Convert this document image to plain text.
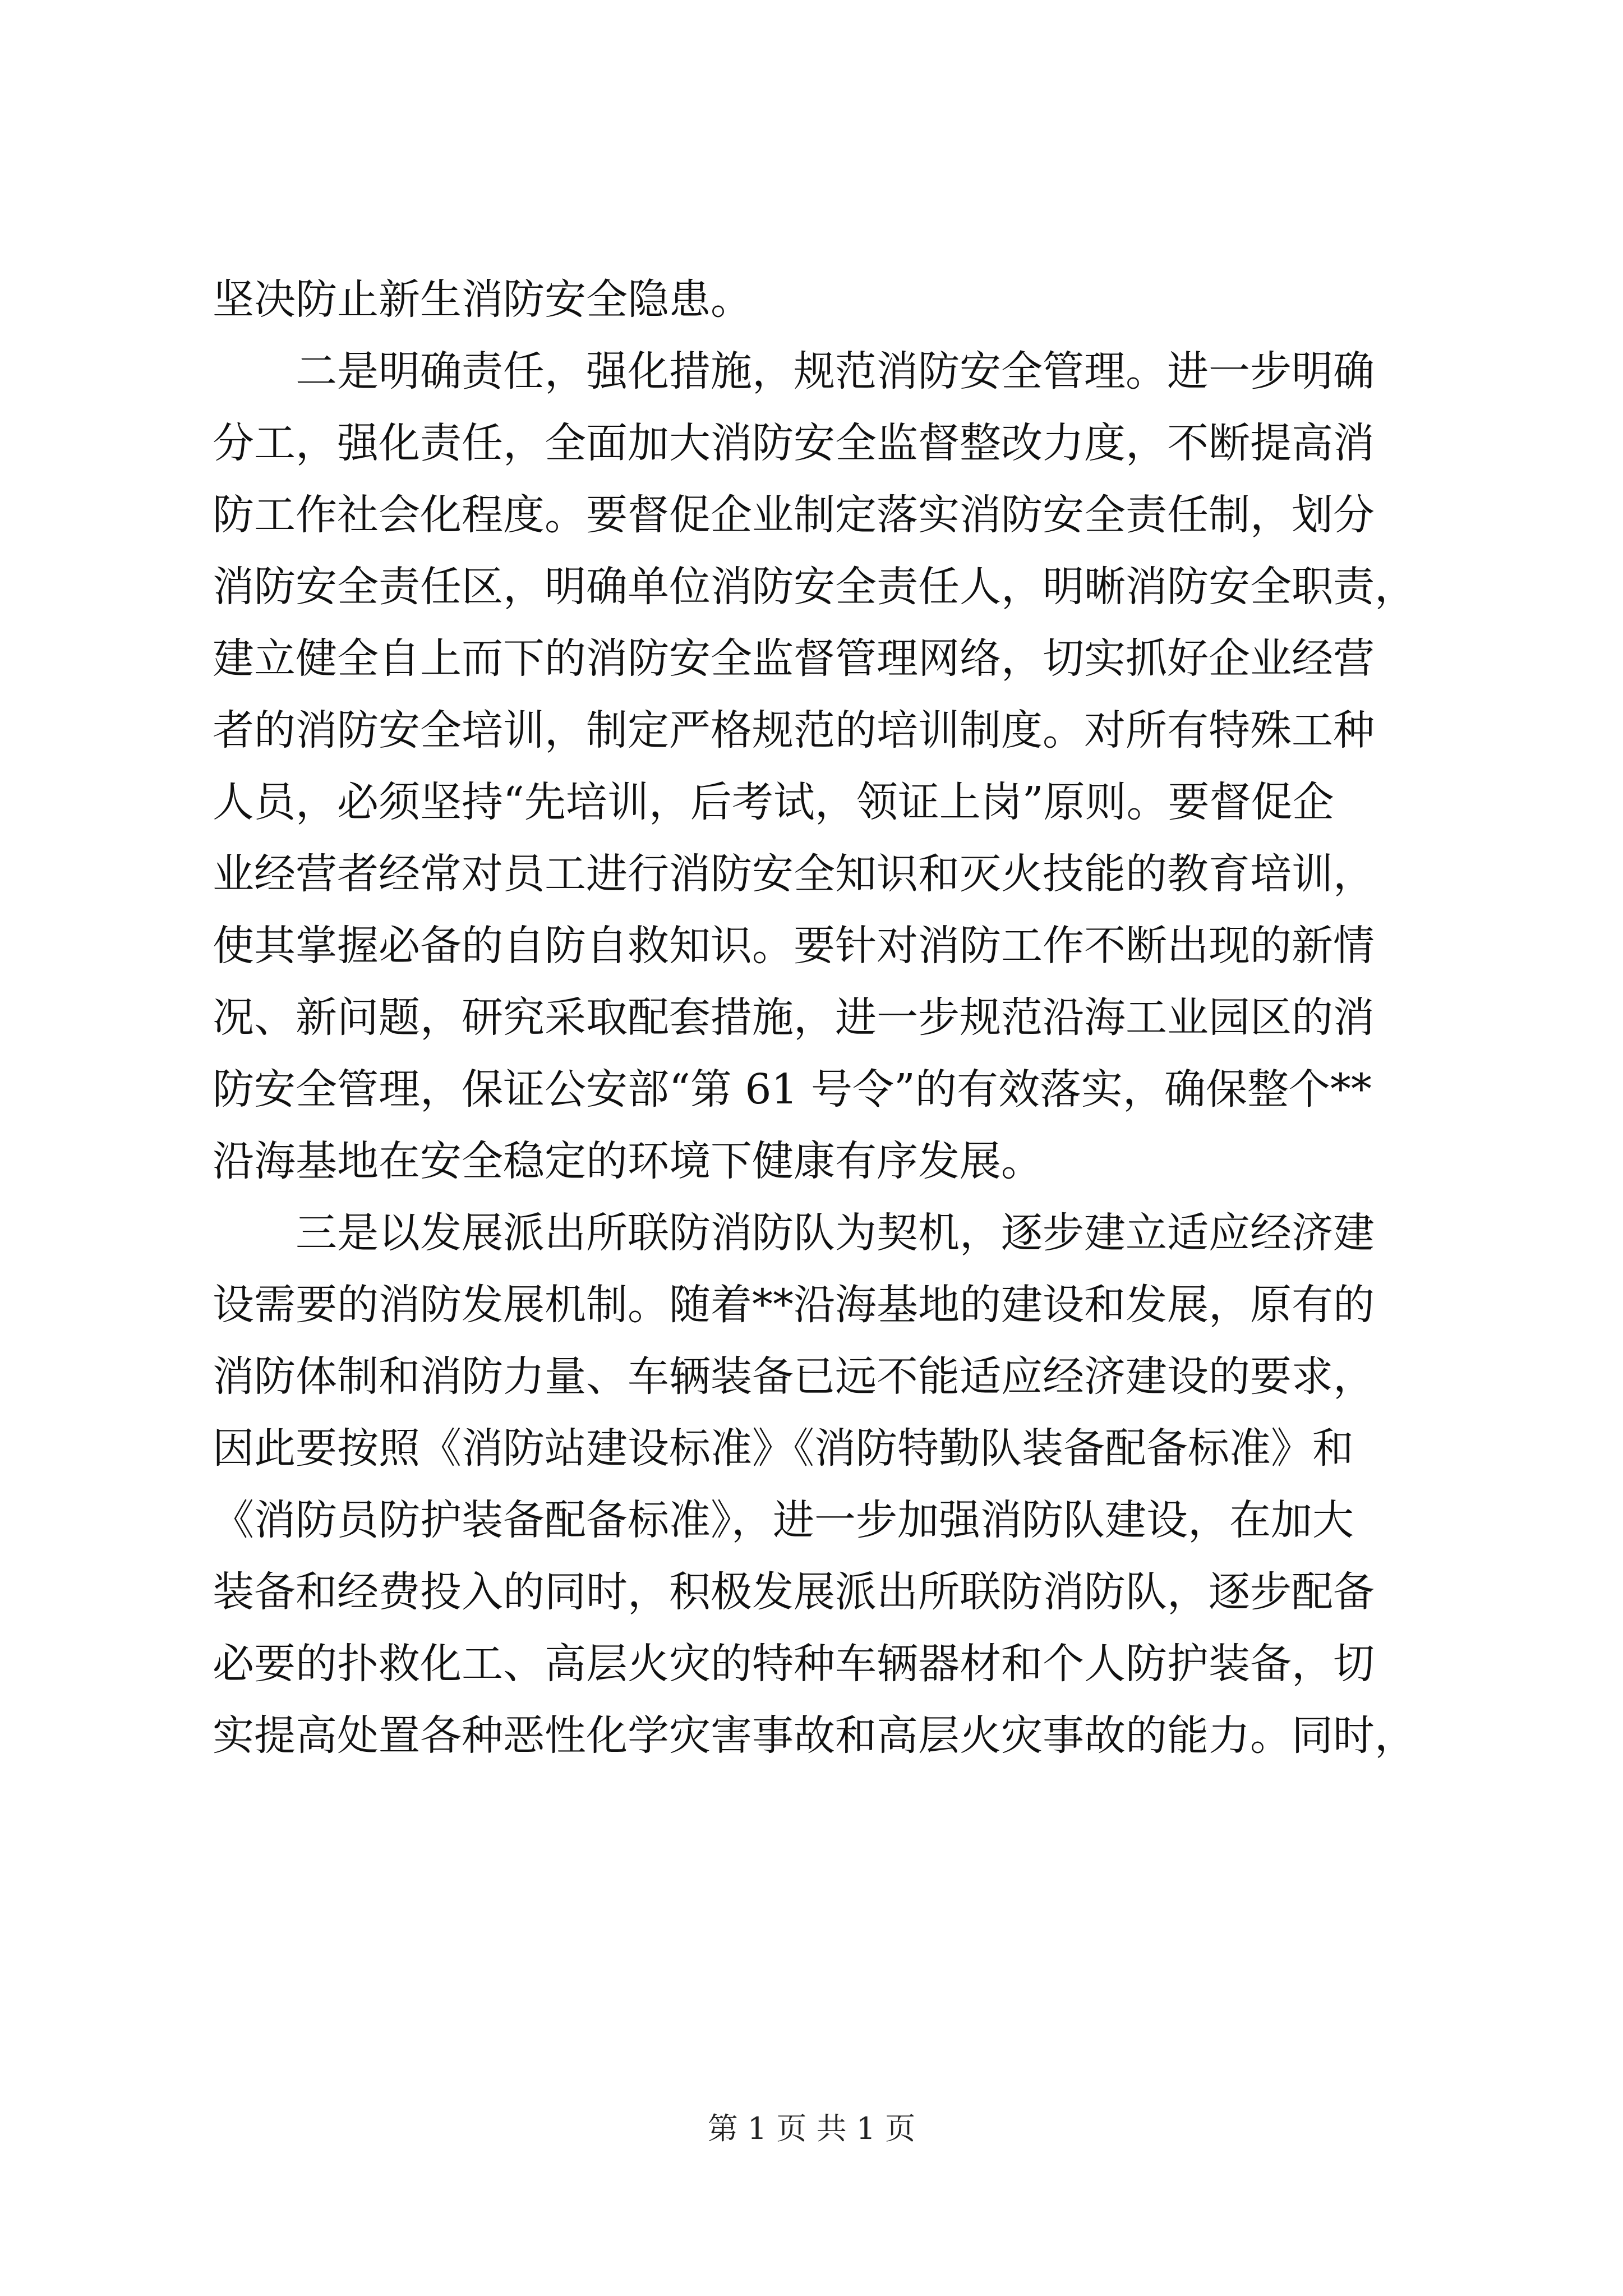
坚决防止新生消防安全隐患。
　　二是明确责任，强化措施，规范消防安全管理。进一步明确
分工，强化责任，全面加大消防安全监督整改力度，不断提高消
防工作社会化程度。要督促企业制定落实消防安全责任制，划分
消防安全责任区，明确单位消防安全责任人，明晰消防安全职责，
建立健全自上而下的消防安全监督管理网络，切实抓好企业经营
者的消防安全培训，制定严格规范的培训制度。对所有特殊工种
人员，必须坚持“先培训，后考试，领证上岗”原则。要督促企
业经营者经常对员工进行消防安全知识和灭火技能的教育培训，
使其掌握必备的自防自救知识。要针对消防工作不断出现的新情
况、新问题，研究采取配套措施，进一步规范沿海工业园区的消
防安全管理，保证公安部“第 61 号令”的有效落实，确保整个**
沿海基地在安全稳定的环境下健康有序发展。
　　三是以发展派出所联防消防队为契机，逐步建立适应经济建
设需要的消防发展机制。随着**沿海基地的建设和发展，原有的
消防体制和消防力量、车辆装备已远不能适应经济建设的要求，
因此要按照《消防站建设标准》《消防特勤队装备配备标准》和
《消防员防护装备配备标准》，进一步加强消防队建设，在加大
装备和经费投入的同时，积极发展派出所联防消防队，逐步配备
必要的扑救化工、高层火灾的特种车辆器材和个人防护装备，切
实提高处置各种恶性化学灾害事故和高层火灾事故的能力。同时，
第 1 页 共 1 页
